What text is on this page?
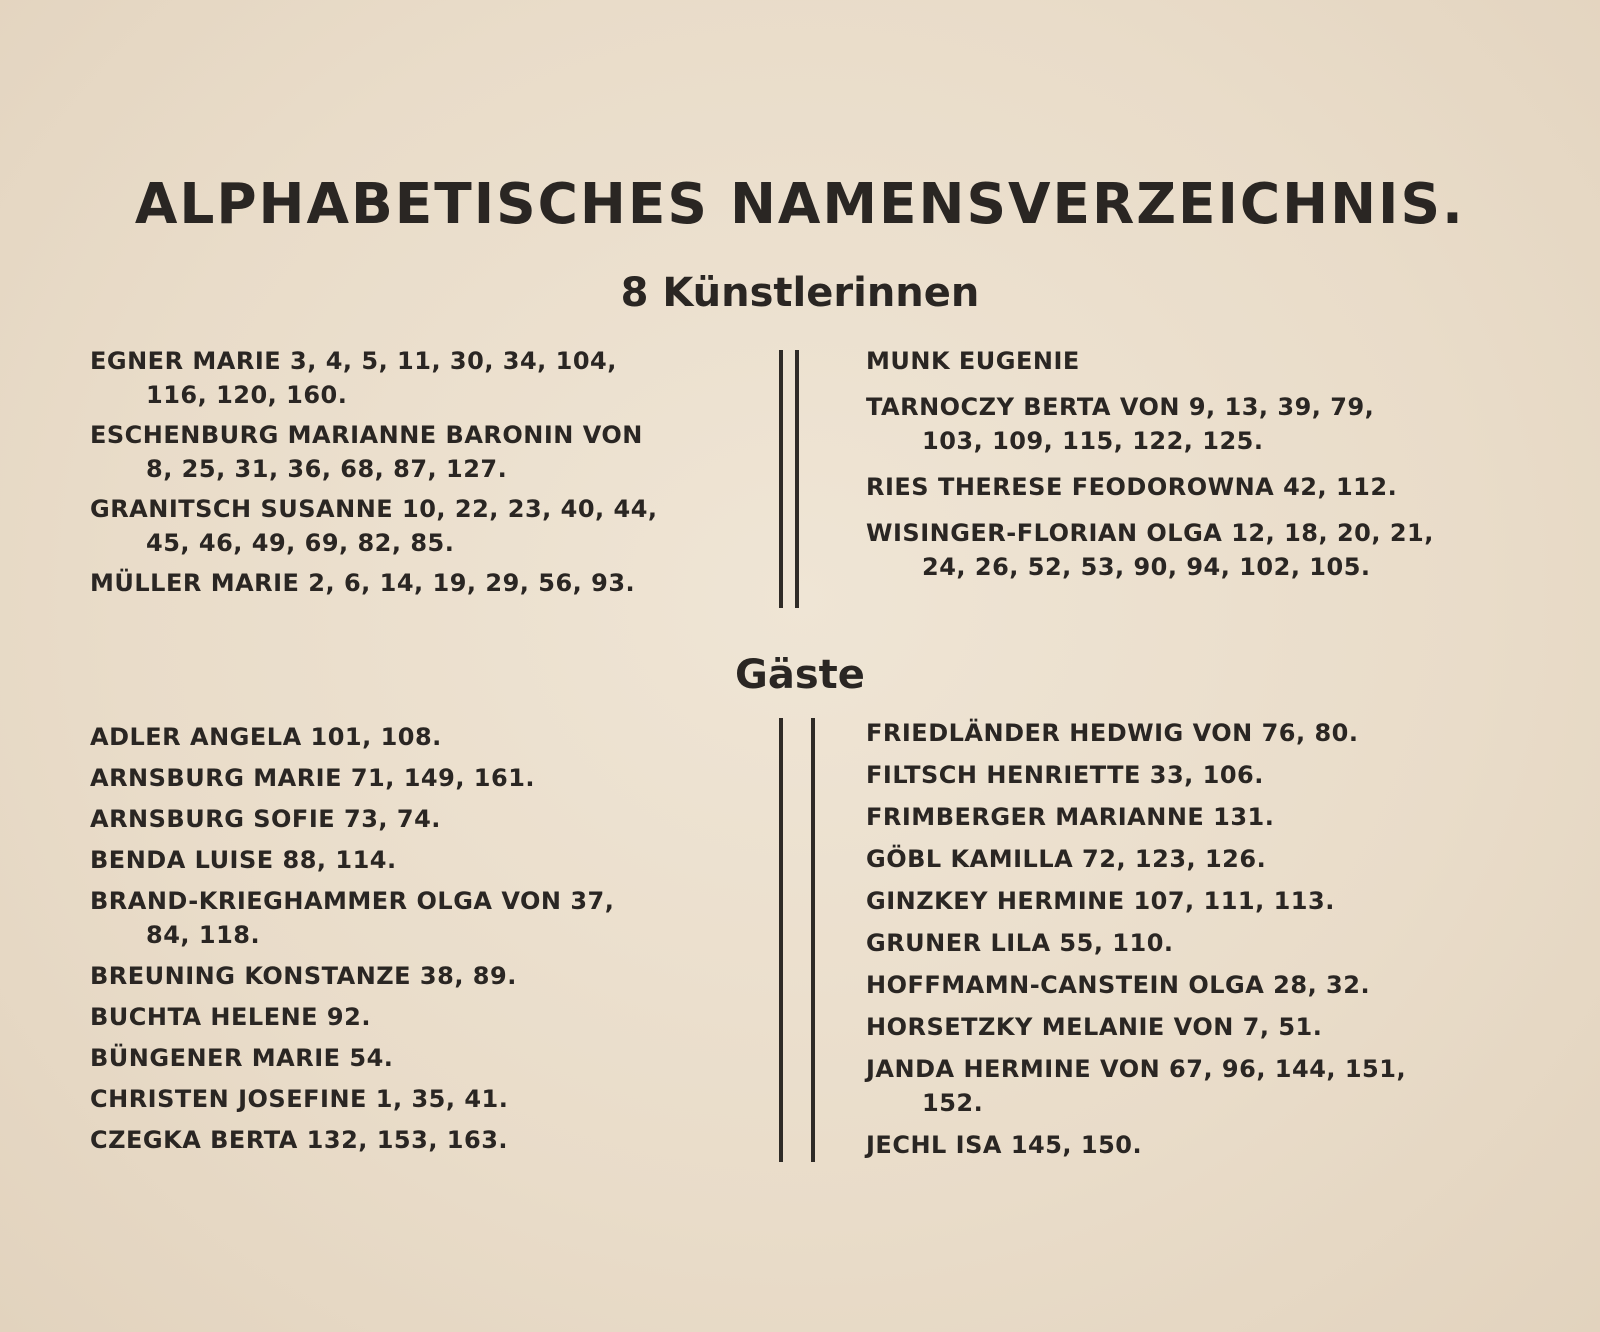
ALPHABETISCHES NAMENSVERZEICHNIS.
8 Künstlerinnen

EGNER MARIE 3, 4, 5, 11, 30, 34, 104,
116, 120, 160.

ESCHENBURG MARIANNE BARONIN VON
8, 25, 31, 36, 68, 87, 127.

GRANITSCH SUSANNE 10, 22, 23, 40, 44,
45, 46, 49, 69, 82, 85.

MÜLLER MARIE 2, 6, 14, 19, 29, 56, 93.

MUNK EUGENIE

TARNOCZY BERTA VON 9, 13, 39, 79,
103, 109, 115, 122, 125.

RIES THERESE FEODOROWNA 42, 112.

WISINGER-FLORIAN OLGA 12, 18, 20, 21,
24, 26, 52, 53, 90, 94, 102, 105.

Gäste

ADLER ANGELA 101, 108.

ARNSBURG MARIE 71, 149, 161.

ARNSBURG SOFIE 73, 74.

BENDA LUISE 88, 114.

BRAND-KRIEGHAMMER OLGA VON 37,
84, 118.

BREUNING KONSTANZE 38, 89.

BUCHTA HELENE 92.

BÜNGENER MARIE 54.

CHRISTEN JOSEFINE 1, 35, 41.

CZEGKA BERTA 132, 153, 163.

FRIEDLÄNDER HEDWIG VON 76, 80.

FILTSCH HENRIETTE 33, 106.

FRIMBERGER MARIANNE 131.

GÖBL KAMILLA 72, 123, 126.

GINZKEY HERMINE 107, 111, 113.

GRUNER LILA 55, 110.

HOFFMAMN-CANSTEIN OLGA 28, 32.

HORSETZKY MELANIE VON 7, 51.

JANDA HERMINE VON 67, 96, 144, 151,
152.

JECHL ISA 145, 150.
